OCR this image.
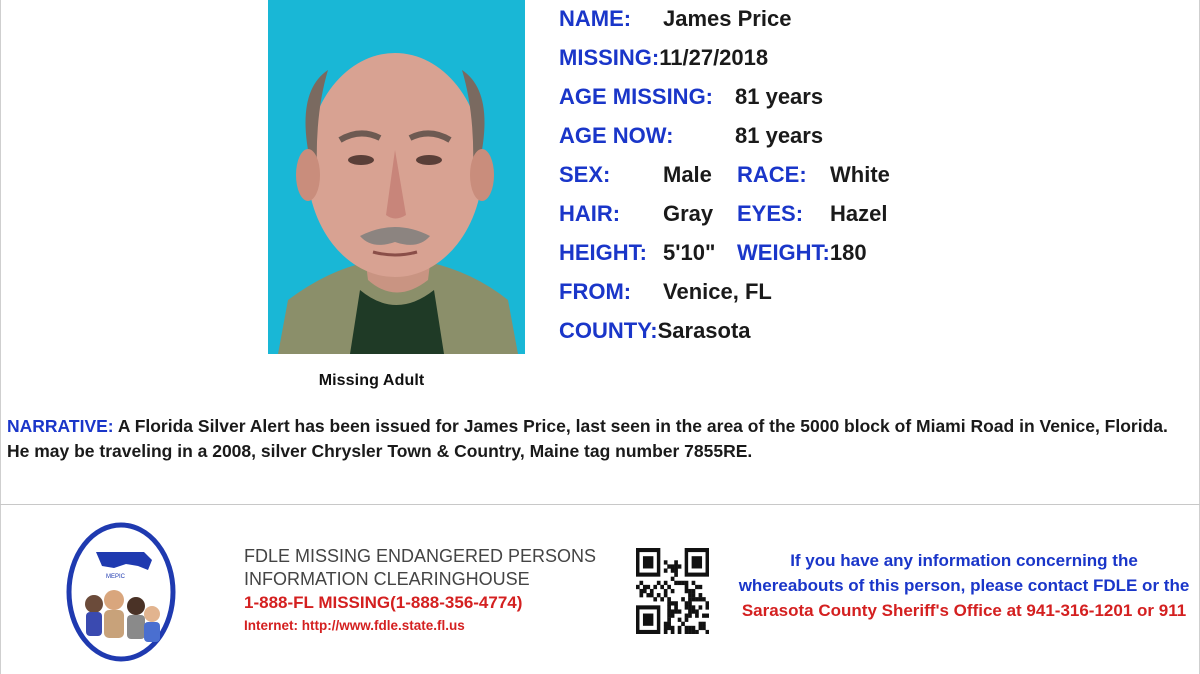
Missing Adult
NAME: James Price
MISSING:11/27/2018
AGE MISSING: 81 years
AGE NOW:	81 years
SEX: Male RACE: White
HAIR: Gray EYES: Hazel
HEIGHT: 5'10" WEIGHT:180
FROM: Venice, FL
COUNTY:Sarasota
NARRATIVE: A Florida Silver Alert has been issued for James Price, last seen in the area of the 5000 block of Miami Road in Venice, Florida. He may be traveling in a 2008, silver Chrysler Town & Country, Maine tag number 7855RE.
MEPIC
FDLE MISSING ENDANGERED PERSONS
INFORMATION CLEARINGHOUSE
1-888-FL MISSING(1-888-356-4774)
Internet: http://www.fdle.state.fl.us
If you have any information concerning the
whereabouts of this person, please contact FDLE or the
Sarasota County Sheriff's Office at 941-316-1201 or 911
